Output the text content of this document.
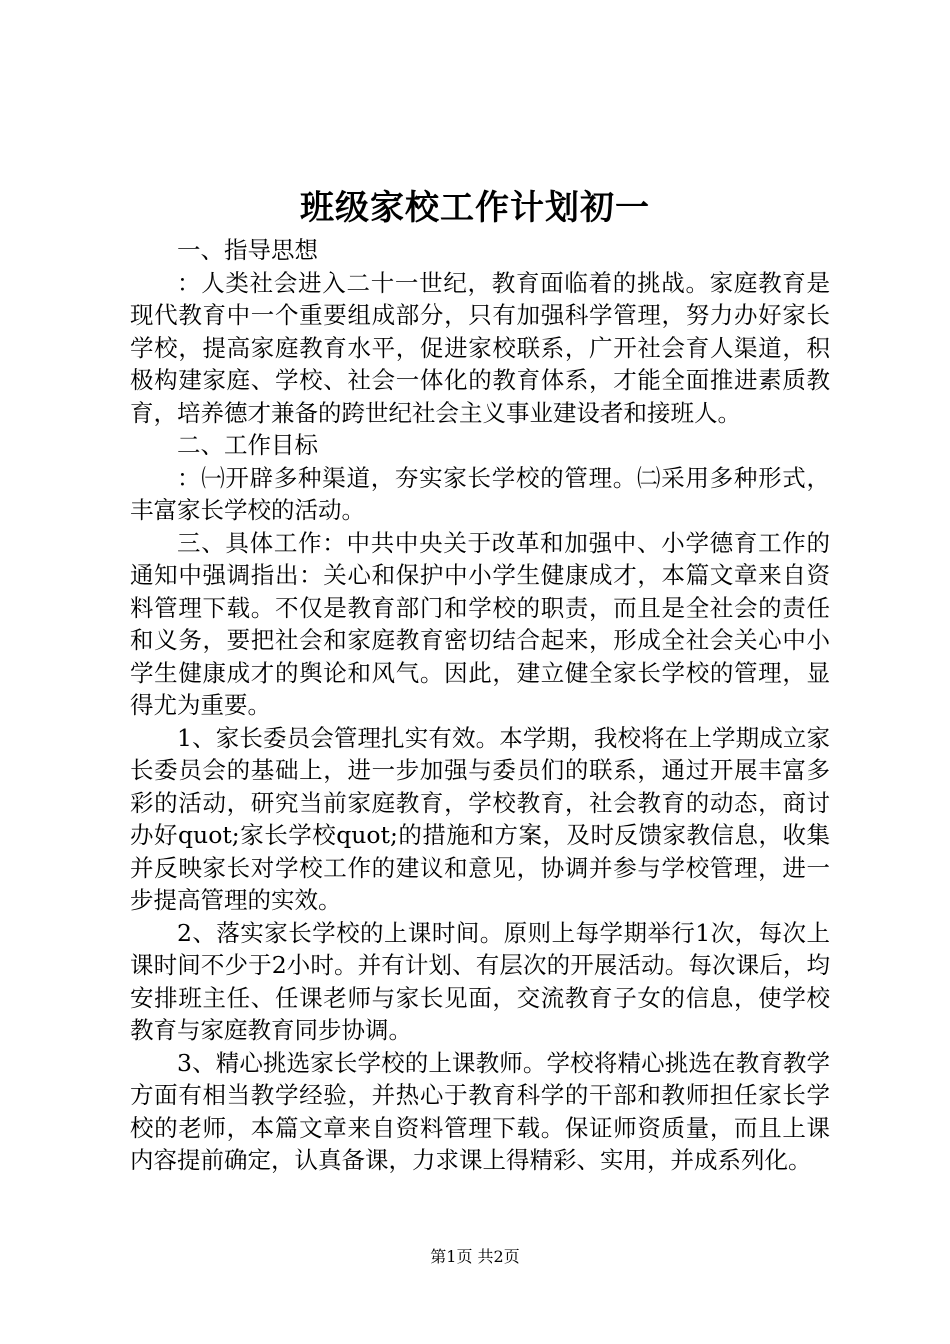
班级家校工作计划初一

一、指导思想

：人类社会进入二十一世纪，教育面临着的挑战。家庭教育是现代教育中一个重要组成部分，只有加强科学管理，努力办好家长学校，提高家庭教育水平，促进家校联系，广开社会育人渠道，积极构建家庭、学校、社会一体化的教育体系，才能全面推进素质教育，培养德才兼备的跨世纪社会主义事业建设者和接班人。

二、工作目标

：㈠开辟多种渠道，夯实家长学校的管理。㈡采用多种形式，丰富家长学校的活动。

三、具体工作：中共中央关于改革和加强中、小学德育工作的通知中强调指出：关心和保护中小学生健康成才，本篇文章来自资料管理下载。不仅是教育部门和学校的职责，而且是全社会的责任和义务，要把社会和家庭教育密切结合起来，形成全社会关心中小学生健康成才的舆论和风气。因此，建立健全家长学校的管理，显得尤为重要。

1、家长委员会管理扎实有效。本学期，我校将在上学期成立家长委员会的基础上，进一步加强与委员们的联系，通过开展丰富多彩的活动，研究当前家庭教育，学校教育，社会教育的动态，商讨办好quot;家长学校quot;的措施和方案，及时反馈家教信息，收集并反映家长对学校工作的建议和意见，协调并参与学校管理，进一步提高管理的实效。

2、落实家长学校的上课时间。原则上每学期举行1次，每次上课时间不少于2小时。并有计划、有层次的开展活动。每次课后，均安排班主任、任课老师与家长见面，交流教育子女的信息，使学校教育与家庭教育同步协调。

3、精心挑选家长学校的上课教师。学校将精心挑选在教育教学方面有相当教学经验，并热心于教育科学的干部和教师担任家长学校的老师，本篇文章来自资料管理下载。保证师资质量，而且上课内容提前确定，认真备课，力求课上得精彩、实用，并成系列化。

第1页 共2页
